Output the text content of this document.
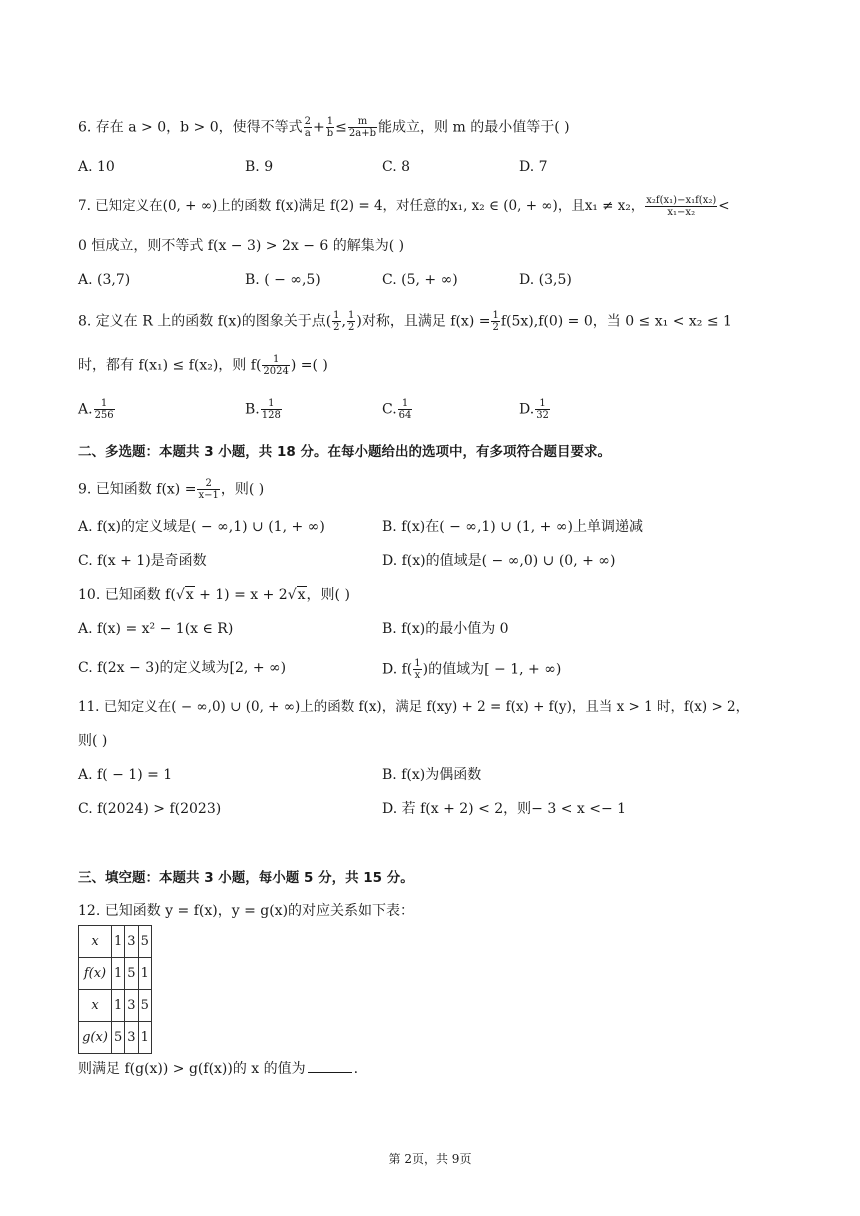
6. 存在 a > 0，b > 0，使得不等式 $\frac{2}{a} + \frac{1}{b} \le \frac{m}{2a+b}$ 能成立，则 m 的最小值等于( )
A. 10	B. 9	C. 8	D. 7
7. 已知定义在(0, + ∞)上的函数 f(x)满足 f(2) = 4，对任意的x₁, x₂ ∈ (0, + ∞)，且x₁ ≠ x₂， $\frac{\text{x₂f(x₁)−x₁f(x₂)}}{\text{x₁−x₂}}$ <
0 恒成立，则不等式 f(x − 3) > 2x − 6 的解集为( )
A. (3,7)	B. ( − ∞,5)	C. (5, + ∞)	D. (3,5)
8. 定义在 R 上的函数 f(x)的图象关于点( $\frac{1}{2}$ , $\frac{1}{2}$ )对称，且满足 $f(x) = \frac{1}{2} f(5x),f(0) = 0$，当 0 ≤ x₁ < x₂ ≤ 1
时，都有 f(x₁) ≤ f(x₂)，则 $f( \frac{1}{2024}$ ) =( )
A. $\frac{1}{256}$	B. $\frac{1}{128}$	C. $\frac{1}{64}$	D. $\frac{1}{32}$
二、多选题：本题共 3 小题，共 18 分。在每小题给出的选项中，有多项符合题目要求。
9. 已知函数 $f(x) = \frac{2}{x-1}$ ，则( )
A. f(x)的定义域是( − ∞,1) ∪ (1, + ∞)	B. f(x)在( − ∞,1) ∪ (1, + ∞)上单调递减
C. f(x + 1)是奇函数	D. f(x)的值域是( − ∞,0) ∪ (0, + ∞)
10. 已知函数 f(√x + 1) = x + 2√x，则( )
A. f(x) = x² − 1(x ∈ R)	B. f(x)的最小值为 0
C. f(2x − 3)的定义域为[2, + ∞)	D. $f( \frac{1}{x}$ )的值域为[ − 1, + ∞)
11. 已知定义在( − ∞,0) ∪ (0, + ∞)上的函数 f(x)，满足 f(xy) + 2 = f(x) + f(y)，且当 x > 1 时，f(x) > 2，
则( )
A. f( − 1) = 1	B. f(x)为偶函数
C. f(2024) > f(2023)	D. 若 f(x + 2) < 2，则− 3 < x <− 1
三、填空题：本题共 3 小题，每小题 5 分，共 15 分。
12. 已知函数 y = f(x)，y = g(x)的对应关系如下表：
x	1	3	5
f(x)	1	5	1
x	1	3	5
g(x)	5	3	1
则满足 f(g(x)) > g(f(x))的 x 的值为	.
第 2页，共 9页
